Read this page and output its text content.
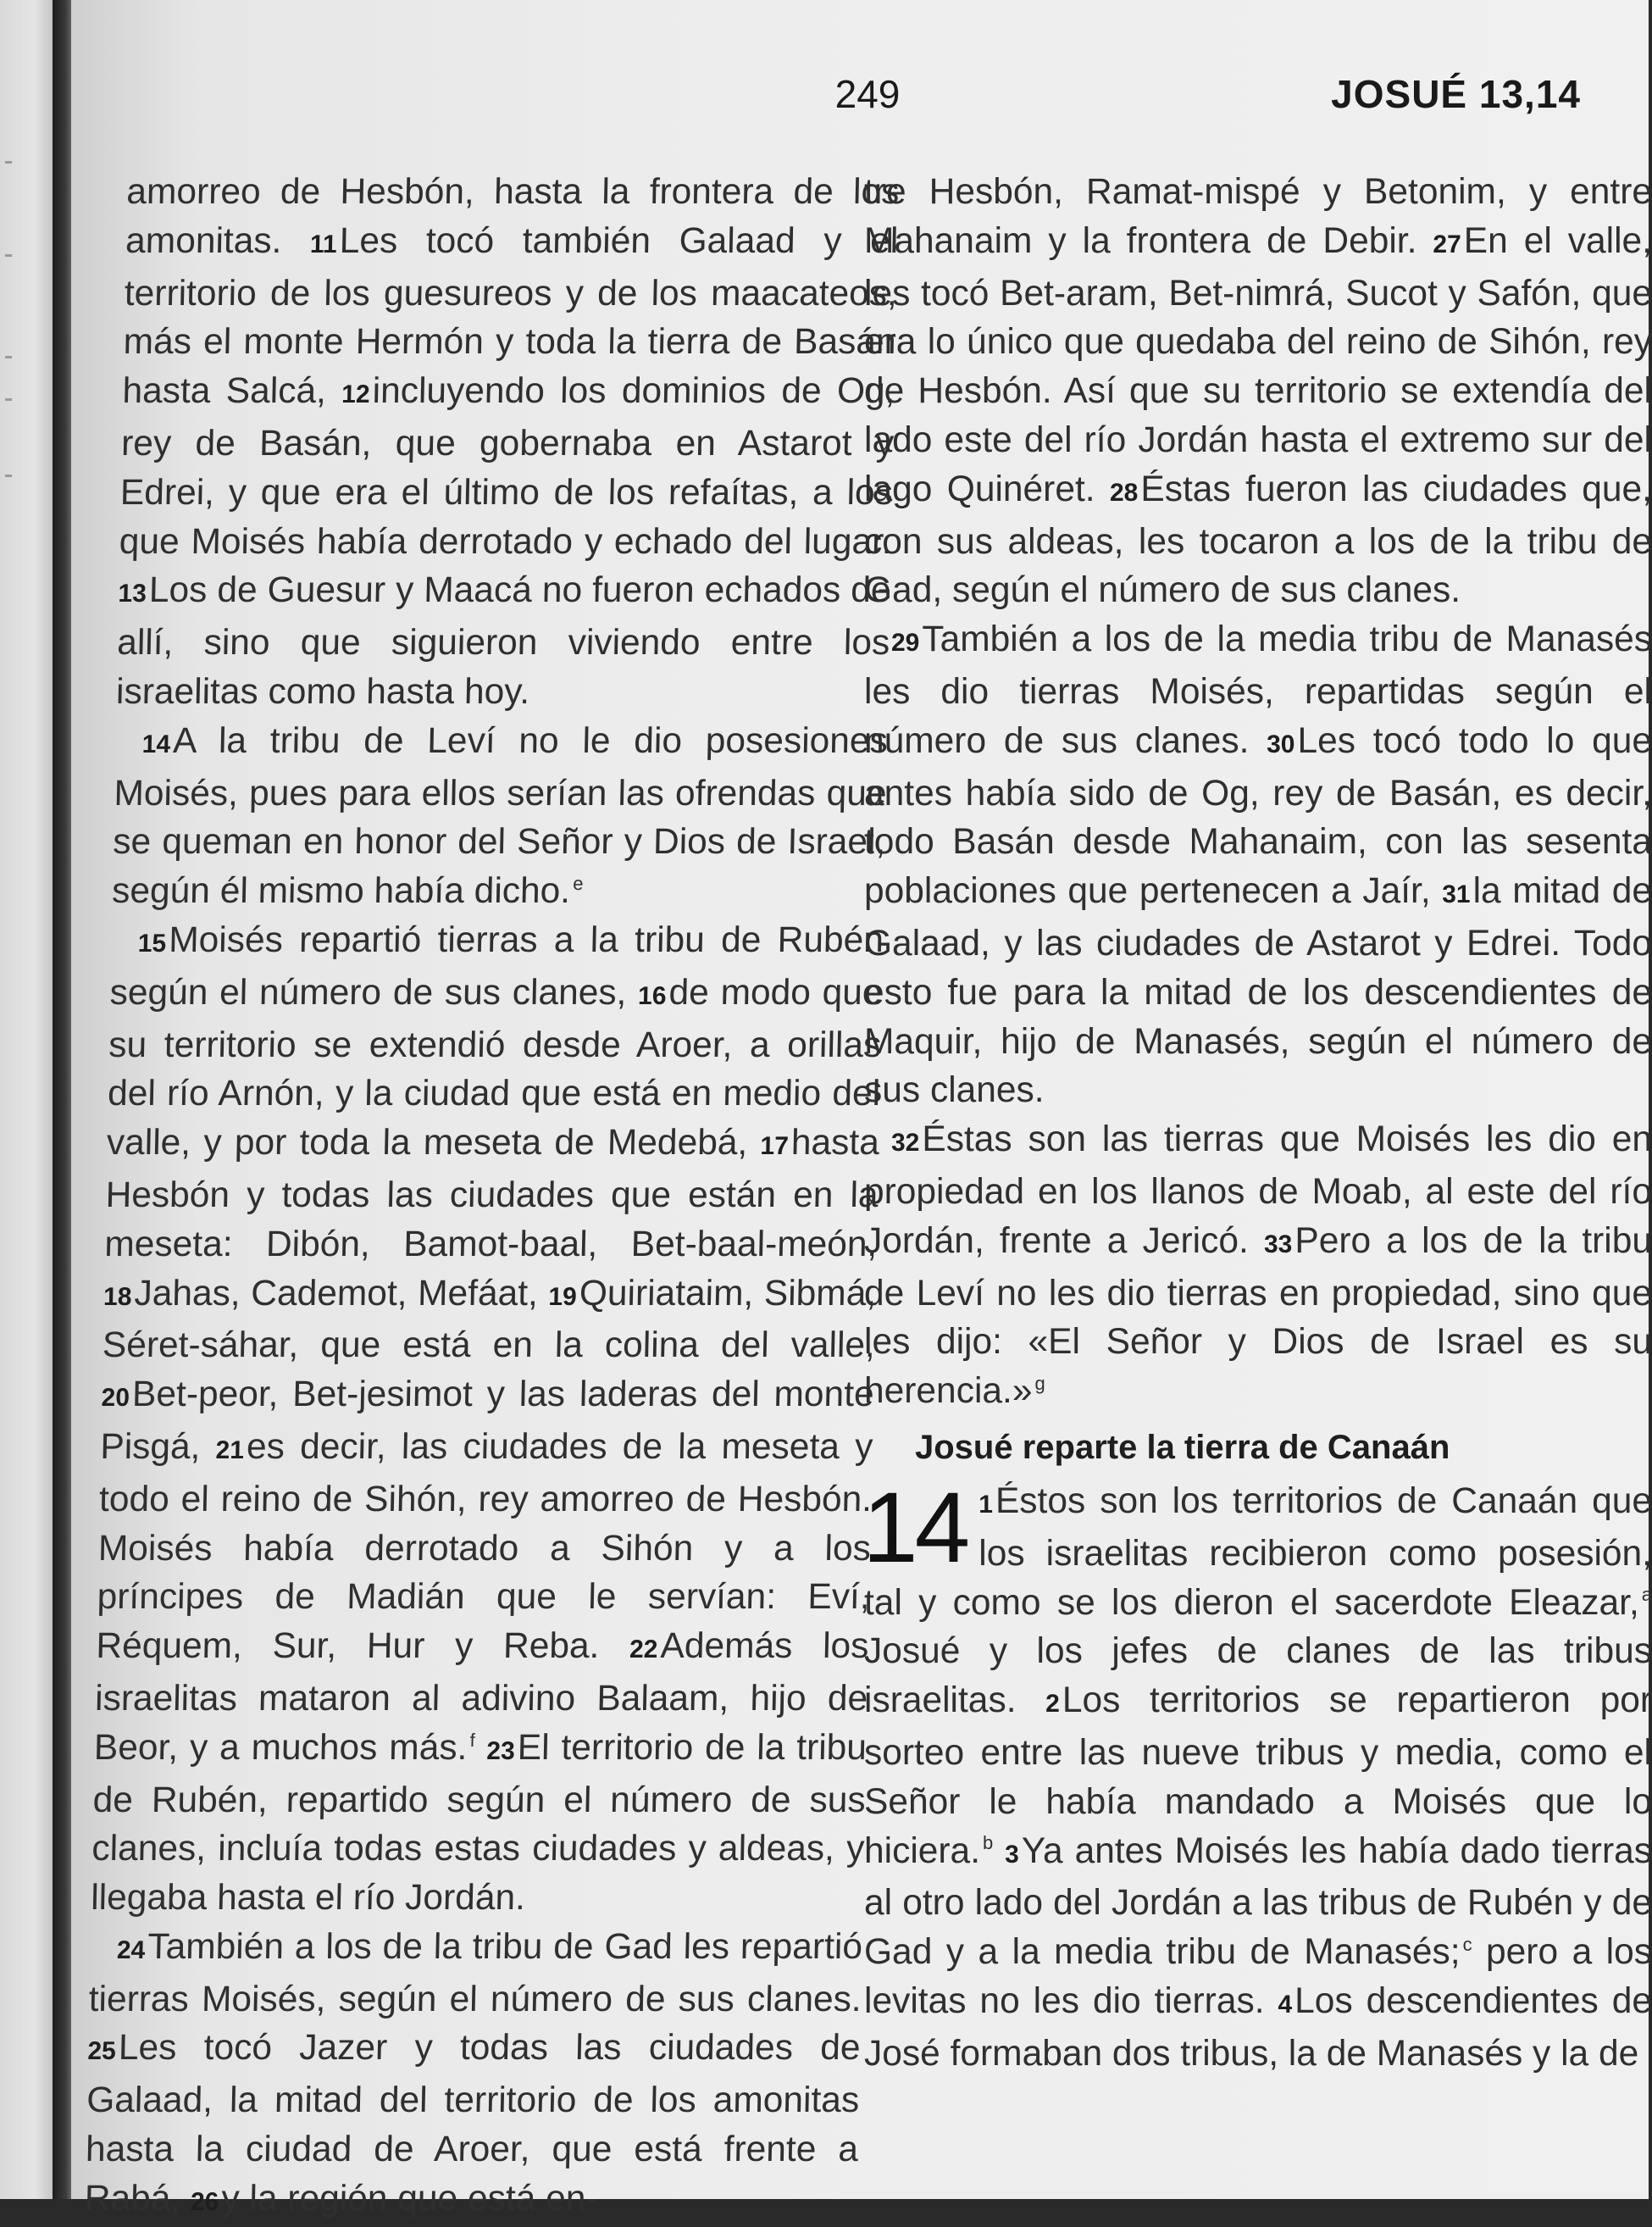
249	JOSUÉ 13,14

amorreo de Hesbón, hasta la frontera de los amonitas. 11Les tocó también Galaad y el territorio de los guesureos y de los maacateos, más el monte Hermón y toda la tierra de Basán hasta Salcá, 12incluyendo los dominios de Og, rey de Basán, que gobernaba en Astarot y Edrei, y que era el último de los refaítas, a los que Moisés había derrotado y echado del lugar. 13Los de Guesur y Maacá no fueron echados de allí, sino que siguieron viviendo entre los israelitas como hasta hoy.

14A la tribu de Leví no le dio posesiones Moisés, pues para ellos serían las ofrendas que se queman en honor del Señor y Dios de Israel, según él mismo había dicho. $^e$

15Moisés repartió tierras a la tribu de Rubén según el número de sus clanes, 16de modo que su territorio se extendió desde Aroer, a orillas del río Arnón, y la ciudad que está en medio del valle, y por toda la meseta de Medebá, 17hasta Hesbón y todas las ciudades que están en la meseta: Dibón, Bamot-baal, Bet-baal-meón, 18Jahas, Cademot, Mefáat, 19Quiriataim, Sibmá, Séret-sáhar, que está en la colina del valle, 20Bet-peor, Bet-jesimot y las laderas del monte Pisgá, 21es decir, las ciudades de la meseta y todo el reino de Sihón, rey amorreo de Hesbón. Moisés había derrotado a Sihón y a los príncipes de Madián que le servían: Eví, Réquem, Sur, Hur y Reba. 22Además los israelitas mataron al adivino Balaam, hijo de Beor, y a muchos más. $^f$ 23El territorio de la tribu de Rubén, repartido según el número de sus clanes, incluía todas estas ciudades y aldeas, y llegaba hasta el río Jordán.

24También a los de la tribu de Gad les repartió tierras Moisés, según el número de sus clanes. 25Les tocó Jazer y todas las ciudades de Galaad, la mitad del territorio de los amonitas hasta la ciudad de Aroer, que está frente a Rabá, 26y la región que está en-

tre Hesbón, Ramat-mispé y Betonim, y entre Mahanaim y la frontera de Debir. 27En el valle, les tocó Bet-aram, Bet-nimrá, Sucot y Safón, que era lo único que quedaba del reino de Sihón, rey de Hesbón. Así que su territorio se extendía del lado este del río Jordán hasta el extremo sur del lago Quinéret. 28Éstas fueron las ciudades que, con sus aldeas, les tocaron a los de la tribu de Gad, según el número de sus clanes.

29También a los de la media tribu de Manasés les dio tierras Moisés, repartidas según el número de sus clanes. 30Les tocó todo lo que antes había sido de Og, rey de Basán, es decir, todo Basán desde Mahanaim, con las sesenta poblaciones que pertenecen a Jaír, 31la mitad de Galaad, y las ciudades de Astarot y Edrei. Todo esto fue para la mitad de los descendientes de Maquir, hijo de Manasés, según el número de sus clanes.

32Éstas son las tierras que Moisés les dio en propiedad en los llanos de Moab, al este del río Jordán, frente a Jericó. 33Pero a los de la tribu de Leví no les dio tierras en propiedad, sino que les dijo: «El Señor y Dios de Israel es su herencia.» $^g$

Josué reparte la tierra de Canaán

14 1Éstos son los territorios de Canaán que los israelitas recibieron como posesión, tal y como se los dieron el sacerdote Eleazar, $^a$ Josué y los jefes de clanes de las tribus israelitas. 2Los territorios se repartieron por sorteo entre las nueve tribus y media, como el Señor le había mandado a Moisés que lo hiciera. $^b$ 3Ya antes Moisés les había dado tierras al otro lado del Jordán a las tribus de Rubén y de Gad y a la media tribu de Manasés; $^c$ pero a los levitas no les dio tierras. 4Los descendientes de José formaban dos tribus, la de Manasés y la de
